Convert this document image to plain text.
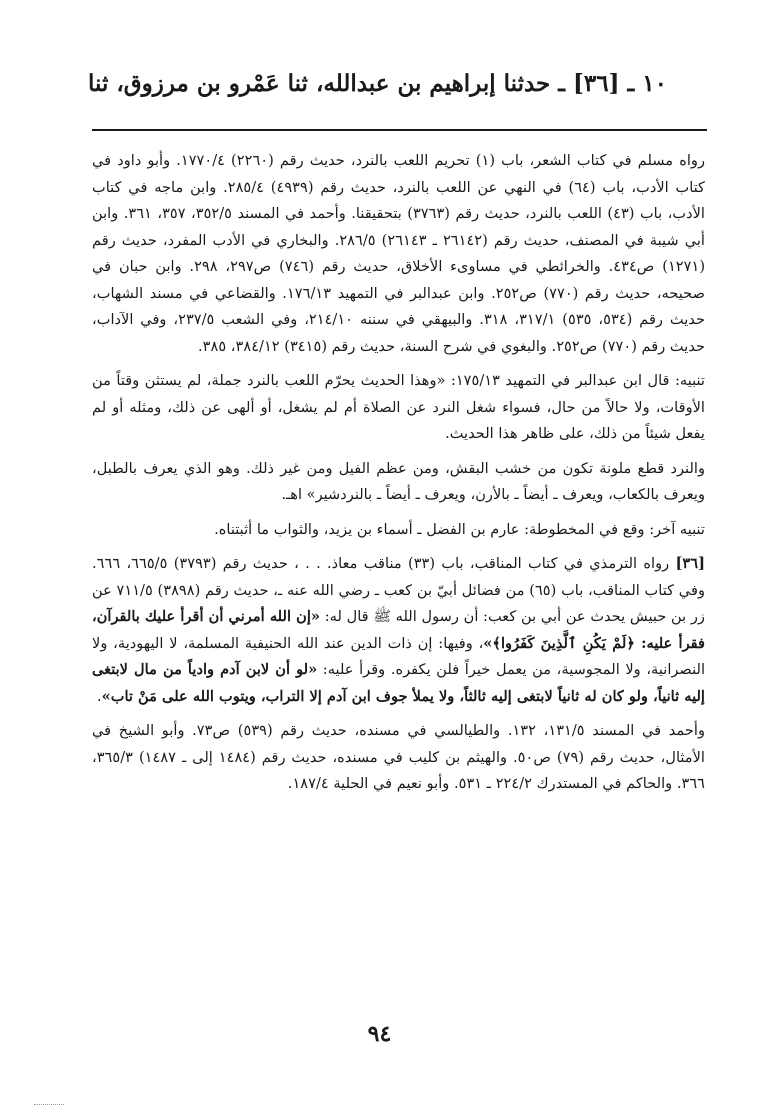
١٠ ـ [٣٦] ـ حدثنا إبراهيم بن عبدالله، ثنا عَمْرو بن مرزوق، ثنا

رواه مسلم في كتاب الشعر، باب (١) تحريم اللعب بالنرد، حديث رقم (٢٢٦٠) ١٧٧٠/٤. وأبو داود في كتاب الأدب، باب (٦٤) في النهي عن اللعب بالنرد، حديث رقم (٤٩٣٩) ٢٨٥/٤. وابن ماجه في كتاب الأدب، باب (٤٣) اللعب بالنرد، حديث رقم (٣٧٦٣) بتحقيقنا. وأحمد في المسند ٣٥٢/٥، ٣٥٧، ٣٦١. وابن أبي شيبة في المصنف، حديث رقم (٢٦١٤٢ ـ ٢٦١٤٣) ٢٨٦/٥. والبخاري في الأدب المفرد، حديث رقم (١٢٧١) ص٤٣٤. والخرائطي في مساوىء الأخلاق، حديث رقم (٧٤٦) ص٢٩٧، ٢٩٨. وابن حبان في صحيحه، حديث رقم (٧٧٠) ص٢٥٢. وابن عبدالبر في التمهيد ١٧٦/١٣. والقضاعي في مسند الشهاب، حديث رقم (٥٣٤، ٥٣٥) ٣١٧/١، ٣١٨. والبيهقي في سننه ٢١٤/١٠، وفي الشعب ٢٣٧/٥، وفي الآداب، حديث رقم (٧٧٠) ص٢٥٢. والبغوي في شرح السنة، حديث رقم (٣٤١٥) ٣٨٤/١٢، ٣٨٥.

تنبيه: قال ابن عبدالبر في التمهيد ١٧٥/١٣: «وهذا الحديث يحرّم اللعب بالنرد جملة، لم يستثن وقتاً من الأوقات، ولا حالاً من حال، فسواء شغل النرد عن الصلاة أم لم يشغل، أو ألهى عن ذلك، ومثله أو لم يفعل شيئاً من ذلك، على ظاهر هذا الحديث.

والنرد قطع ملونة تكون من خشب البقش، ومن عظم الفيل ومن غير ذلك. وهو الذي يعرف بالطبل، ويعرف بالكعاب، ويعرف ـ أيضاً ـ بالأرن، ويعرف ـ أيضاً ـ بالنردشير» اهـ.

تنبيه آخر: وقع في المخطوطة: عارم بن الفضل ـ أسماء بن يزيد، والثواب ما أثبتناه.

[٣٦] رواه الترمذي في كتاب المناقب، باب (٣٣) مناقب معاذ. . . ، حديث رقم (٣٧٩٣) ٦٦٥/٥، ٦٦٦. وفي كتاب المناقب، باب (٦٥) من فضائل أبيّ بن كعب ـ رضي الله عنه ـ، حديث رقم (٣٨٩٨) ٧١١/٥ عن زر بن حبيش يحدث عن أبي بن كعب: أن رسول الله ﷺ قال له: «إن الله أمرني أن أقرأ عليك بالقرآن، فقرأ عليه: ﴿لَمْ يَكُنِ ٱلَّذِينَ كَفَرُوا﴾»، وفيها: إن ذات الدين عند الله الحنيفية المسلمة، لا اليهودية، ولا النصرانية، ولا المجوسية، من يعمل خيراً فلن يكفره. وقرأ عليه: «لو أن لابن آدم وادياً من مال لابتغى إليه ثانياً، ولو كان له ثانياً لابتغى إليه ثالثاً، ولا يملأ جوف ابن آدم إلا التراب، ويتوب الله على مَنْ تاب».

وأحمد في المسند ١٣١/٥، ١٣٢. والطيالسي في مسنده، حديث رقم (٥٣٩) ص٧٣. وأبو الشيخ في الأمثال، حديث رقم (٧٩) ص٥٠. والهيثم بن كليب في مسنده، حديث رقم (١٤٨٤ إلى ـ ١٤٨٧) ٣٦٥/٣، ٣٦٦. والحاكم في المستدرك ٢٢٤/٢ ـ ٥٣١. وأبو نعيم في الحلية ١٨٧/٤.

٩٤
